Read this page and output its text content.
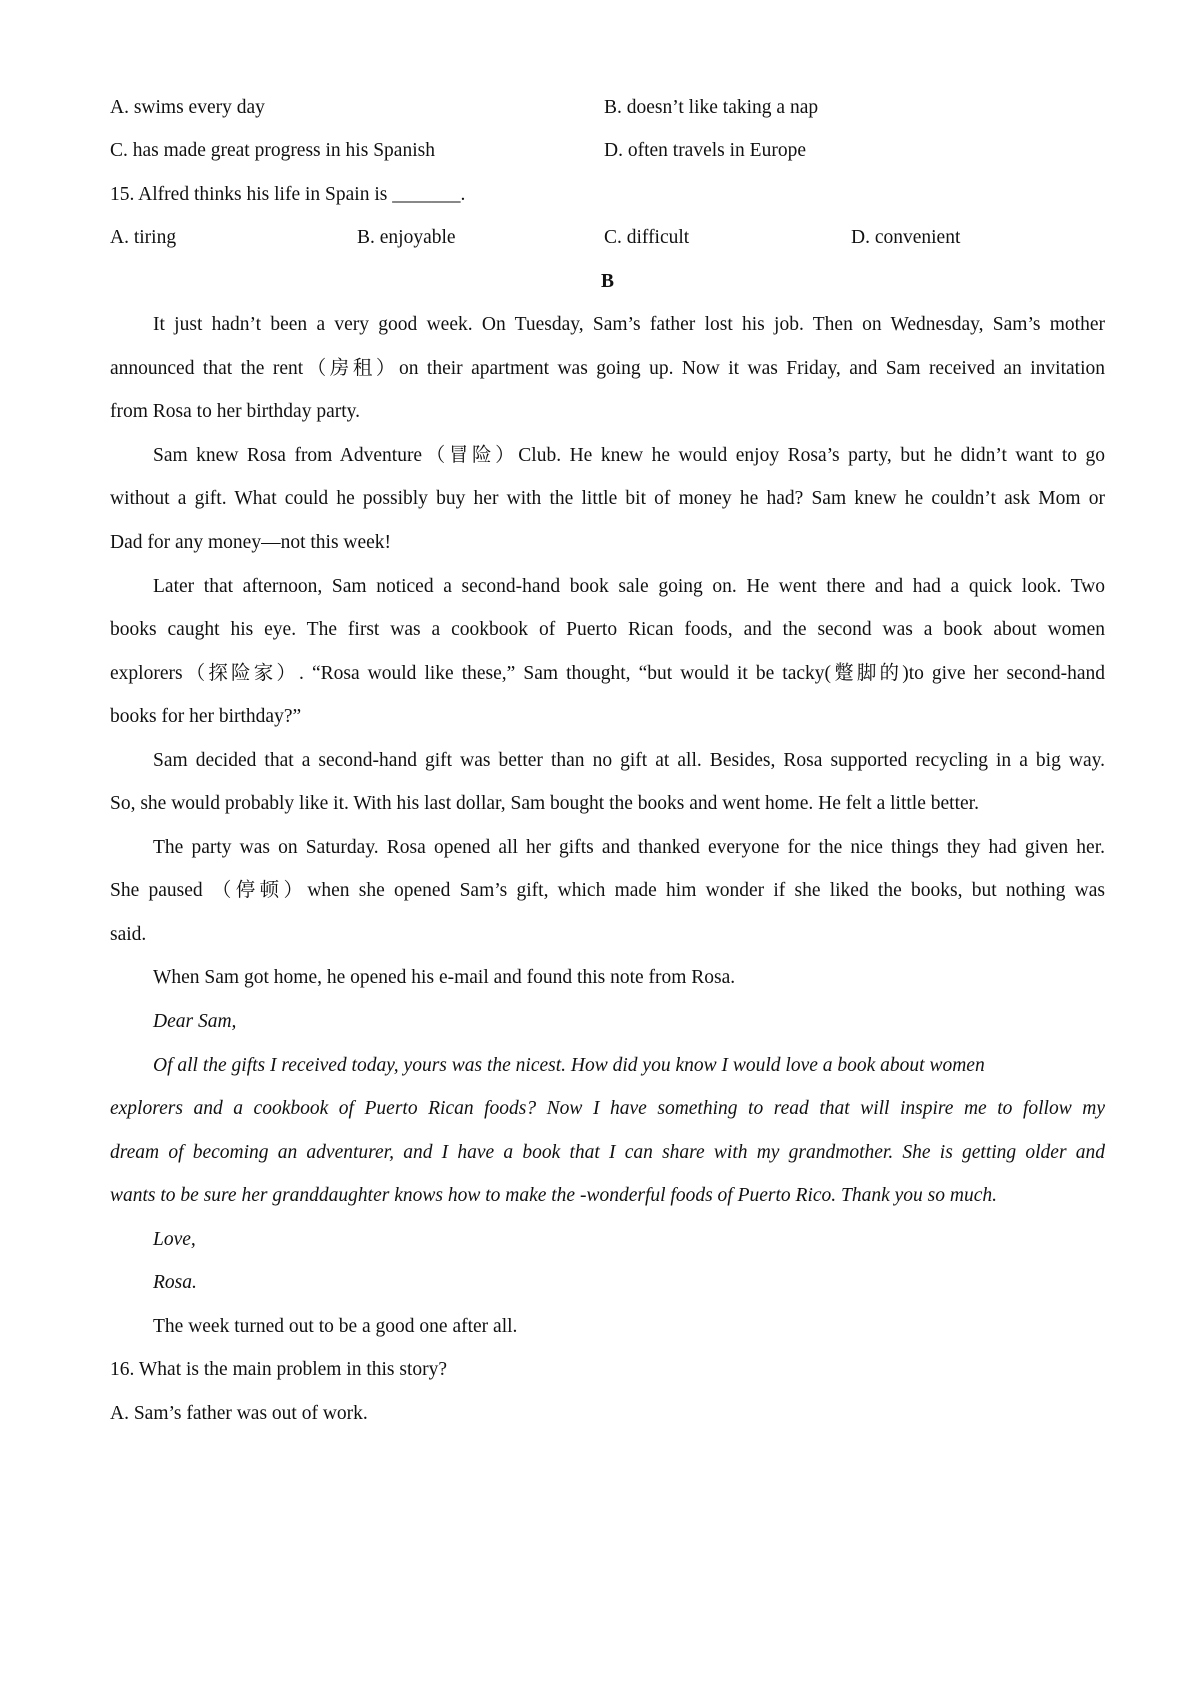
A. swims every day	B. doesn’t like taking a nap
C. has made great progress in his Spanish	D. often travels in Europe
15. Alfred thinks his life in Spain is _______.
A. tiring	B. enjoyable	C. difficult	D. convenient
B
It just hadn’t been a very good week. On Tuesday, Sam’s father lost his job. Then on Wednesday, Sam’s mother
announced that the rent（房租）on their apartment was going up. Now it was Friday, and Sam received an invitation
from Rosa to her birthday party.
Sam knew Rosa from Adventure（冒险）Club. He knew he would enjoy Rosa’s party, but he didn’t want to go
without a gift. What could he possibly buy her with the little bit of money he had? Sam knew he couldn’t ask Mom or
Dad for any money—not this week!
Later that afternoon, Sam noticed a second-hand book sale going on. He went there and had a quick look. Two
books caught his eye. The first was a cookbook of Puerto Rican foods, and the second was a book about women
explorers（探险家）. “Rosa would like these,” Sam thought, “but would it be tacky(蹩脚的)to give her second-hand
books for her birthday?”
Sam decided that a second-hand gift was better than no gift at all. Besides, Rosa supported recycling in a big way.
So, she would probably like it. With his last dollar, Sam bought the books and went home. He felt a little better.
The party was on Saturday. Rosa opened all her gifts and thanked everyone for the nice things they had given her.
She paused （停顿）when she opened Sam’s gift, which made him wonder if she liked the books, but nothing was
said.
When Sam got home, he opened his e-mail and found this note from Rosa.
Dear Sam,
Of all the gifts I received today, yours was the nicest. How did you know I would love a book about women
explorers and a cookbook of Puerto Rican foods? Now I have something to read that will inspire me to follow my
dream of becoming an adventurer, and I have a book that I can share with my grandmother. She is getting older and
wants to be sure her granddaughter knows how to make the -wonderful foods of Puerto Rico. Thank you so much.
Love,
Rosa.
The week turned out to be a good one after all.
16. What is the main problem in this story?
A. Sam’s father was out of work.
